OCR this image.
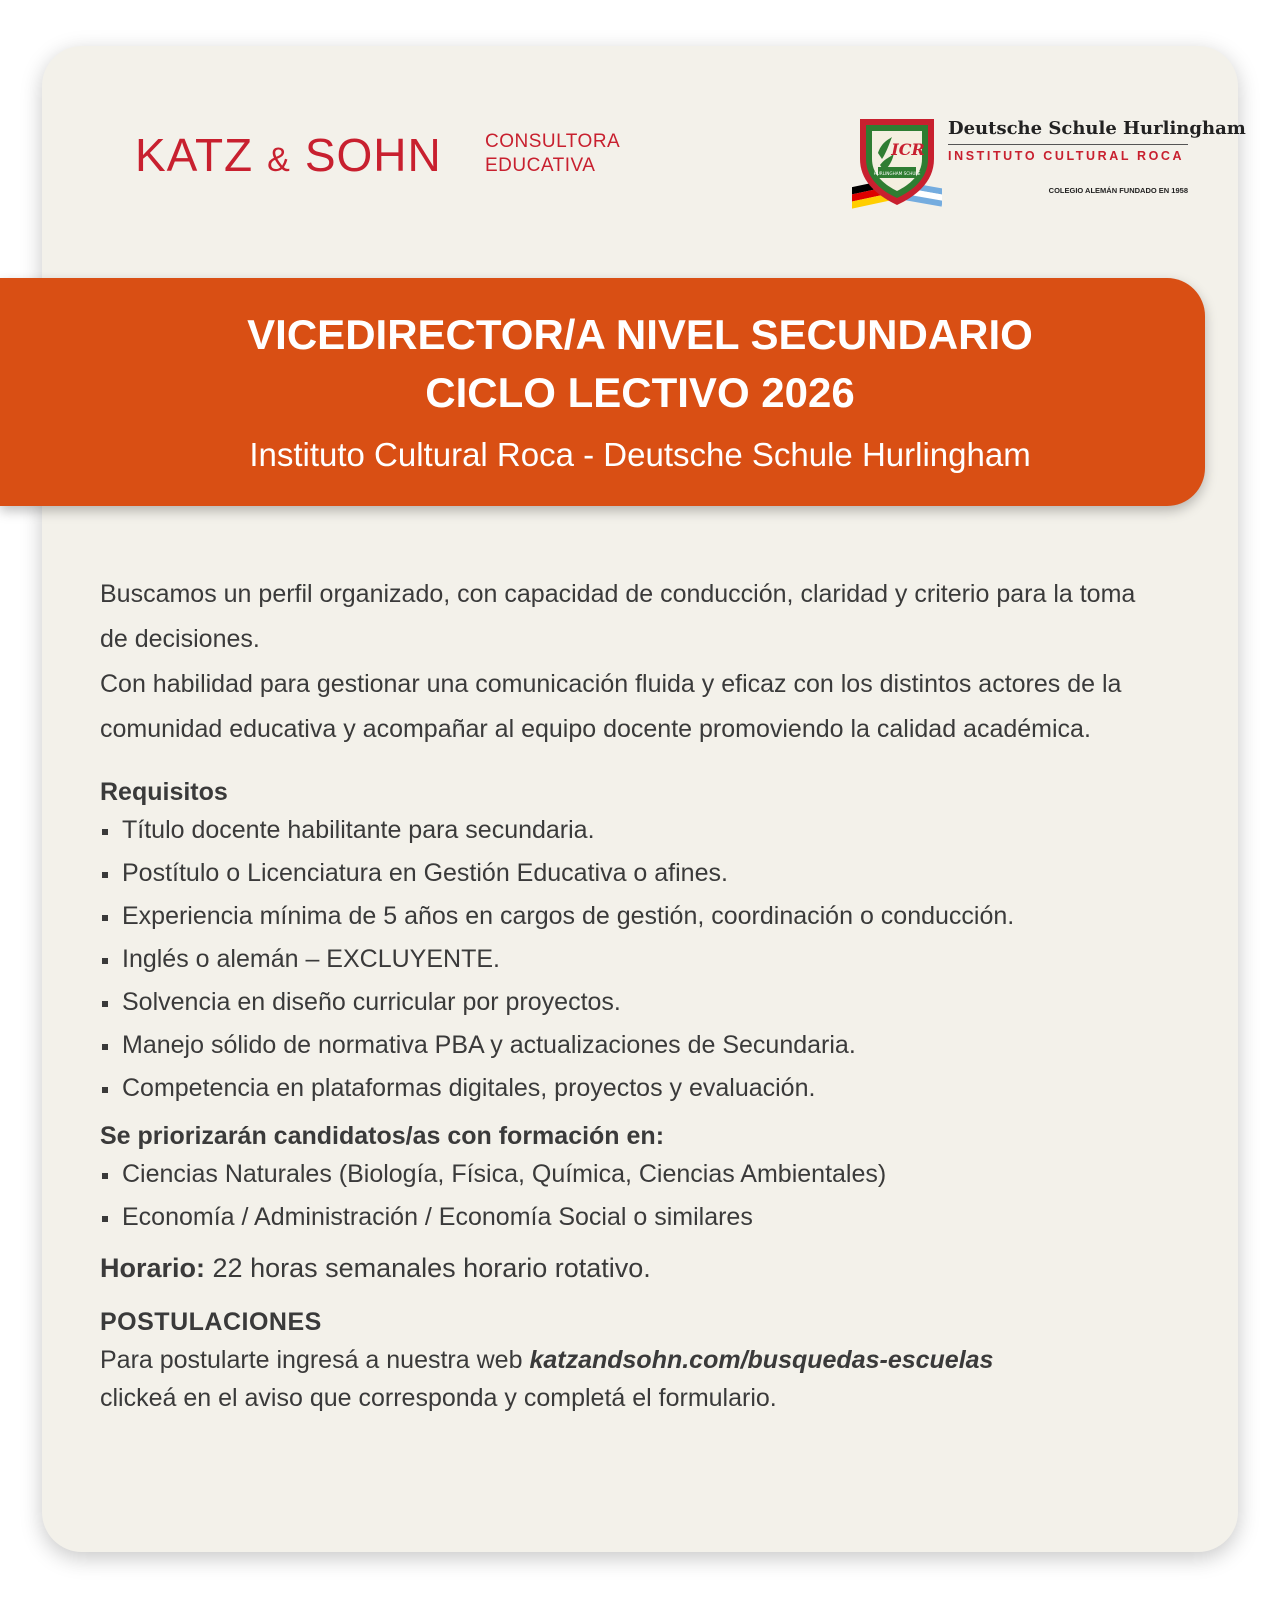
KATZ & SOHN CONSULTORA
EDUCATIVA
ICR
HURLINGHAM SCHULE
Deutsche Schule Hurlingham
INSTITUTO CULTURAL ROCA
COLEGIO ALEMÁN FUNDADO EN 1958
VICEDIRECTOR/A NIVEL SECUNDARIO
CICLO LECTIVO 2026
Instituto Cultural Roca - Deutsche Schule Hurlingham

Buscamos un perfil organizado, con capacidad de conducción, claridad y criterio para la toma de decisiones.

Con habilidad para gestionar una comunicación fluida y eficaz con los distintos actores de la comunidad educativa y acompañar al equipo docente promoviendo la calidad académica.

Requisitos
Título docente habilitante para secundaria.
Postítulo o Licenciatura en Gestión Educativa o afines.
Experiencia mínima de 5 años en cargos de gestión, coordinación o conducción.
Inglés o alemán – EXCLUYENTE.
Solvencia en diseño curricular por proyectos.
Manejo sólido de normativa PBA y actualizaciones de Secundaria.
Competencia en plataformas digitales, proyectos y evaluación.
Se priorizarán candidatos/as con formación en:
Ciencias Naturales (Biología, Física, Química, Ciencias Ambientales)
Economía / Administración / Economía Social o similares
Horario: 22 horas semanales horario rotativo.
POSTULACIONES
Para postularte ingresá a nuestra web katzandsohn.com/busquedas-escuelas
clickeá en el aviso que corresponda y completá el formulario.
